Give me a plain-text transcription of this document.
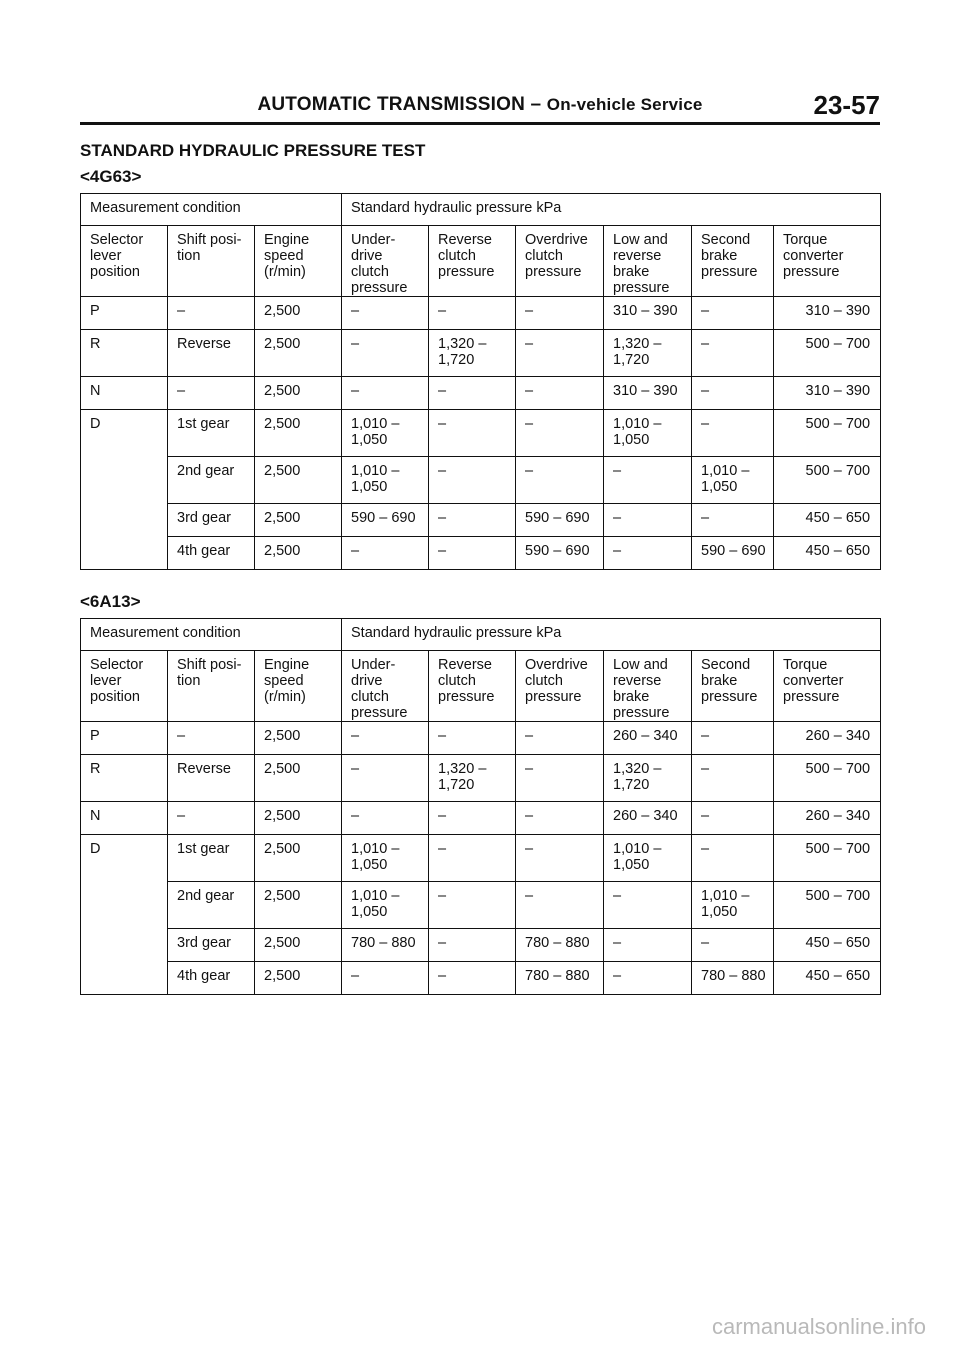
AUTOMATIC TRANSMISSION – On-vehicle Service	23-57
STANDARD HYDRAULIC PRESSURE TEST
<4G63>
Measurement condition			Standard hydraulic pressure kPa					
Selector
lever
position	Shift posi-
tion	Engine
speed
(r/min)	Under-
drive
clutch
pressure	Reverse
clutch
pressure	Overdrive
clutch
pressure	Low and
reverse
brake
pressure	Second
brake
pressure	Torque
converter
pressure
P	–	2,500	–	–	–	310 – 390	–	310 – 390
R	Reverse	2,500	–	1,320 –
1,720	–	1,320 –
1,720	–	500 – 700
N	–	2,500	–	–	–	310 – 390	–	310 – 390
D	1st gear	2,500	1,010 –
1,050	–	–	1,010 –
1,050	–	500 – 700
	2nd gear	2,500	1,010 –
1,050	–	–	–	1,010 –
1,050	500 – 700
	3rd gear	2,500	590 – 690	–	590 – 690	–	–	450 – 650
	4th gear	2,500	–	–	590 – 690	–	590 – 690	450 – 650
<6A13>
Measurement condition			Standard hydraulic pressure kPa					
Selector
lever
position	Shift posi-
tion	Engine
speed
(r/min)	Under-
drive
clutch
pressure	Reverse
clutch
pressure	Overdrive
clutch
pressure	Low and
reverse
brake
pressure	Second
brake
pressure	Torque
converter
pressure
P	–	2,500	–	–	–	260 – 340	–	260 – 340
R	Reverse	2,500	–	1,320 –
1,720	–	1,320 –
1,720	–	500 – 700
N	–	2,500	–	–	–	260 – 340	–	260 – 340
D	1st gear	2,500	1,010 –
1,050	–	–	1,010 –
1,050	–	500 – 700
	2nd gear	2,500	1,010 –
1,050	–	–	–	1,010 –
1,050	500 – 700
	3rd gear	2,500	780 – 880	–	780 – 880	–	–	450 – 650
	4th gear	2,500	–	–	780 – 880	–	780 – 880	450 – 650
carmanualsonline.info
